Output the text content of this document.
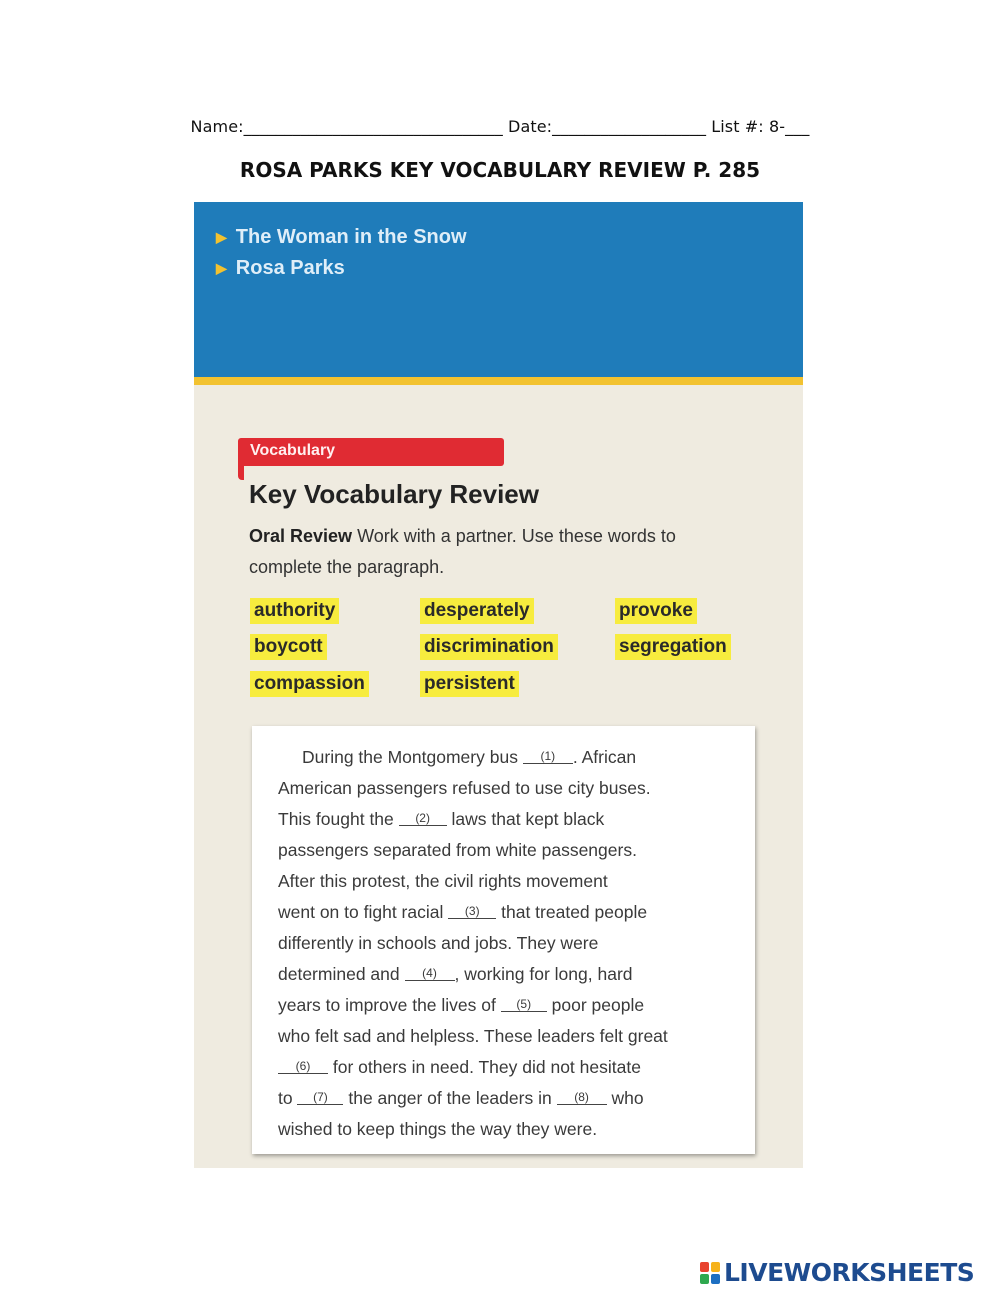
Name:________________________________ Date:___________________ List #: 8-___
ROSA PARKS KEY VOCABULARY REVIEW P. 285
▶ The Woman in the Snow
▶ Rosa Parks
Vocabulary
Key Vocabulary Review
Oral Review Work with a partner. Use these words to complete the paragraph.
authority	desperately	provoke
boycott	discrimination	segregation
compassion	persistent
During the Montgomery bus (1) . African
American passengers refused to use city buses.
This fought the (2) laws that kept black
passengers separated from white passengers.
After this protest, the civil rights movement
went on to fight racial (3) that treated people
differently in schools and jobs. They were
determined and (4) , working for long, hard
years to improve the lives of (5) poor people
who felt sad and helpless. These leaders felt great
(6) for others in need. They did not hesitate
to (7) the anger of the leaders in (8) who
wished to keep things the way they were.
LIVEWORKSHEETS
